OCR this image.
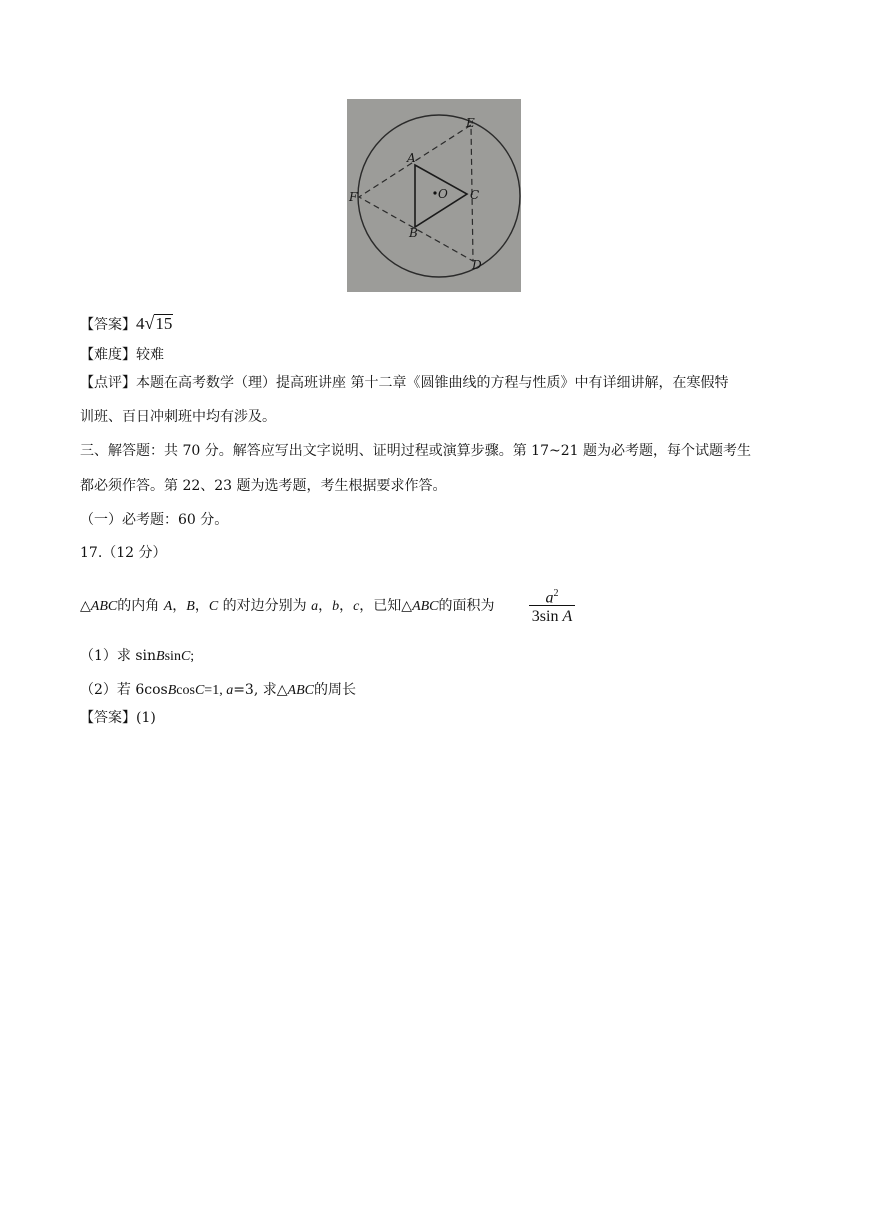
A
B
C
D
E
F	O
【答案】4√15
【难度】较难
【点评】本题在高考数学（理）提高班讲座 第十二章《圆锥曲线的方程与性质》中有详细讲解，在寒假特
训班、百日冲刺班中均有涉及。
三、解答题：共 70 分。解答应写出文字说明、证明过程或演算步骤。第 17~21 题为必考题，每个试题考生
都必须作答。第 22、23 题为选考题，考生根据要求作答。
（一）必考题：60 分。
17.（12 分）
△ABC的内角 A，B，C 的对边分别为 a，b，c，已知△ABC的面积为	$a^2$
3sin A
（1）求 sinBsinC;
（2）若 6cosBcosC=1, a=3, 求△ABC的周长
【答案】(1)
